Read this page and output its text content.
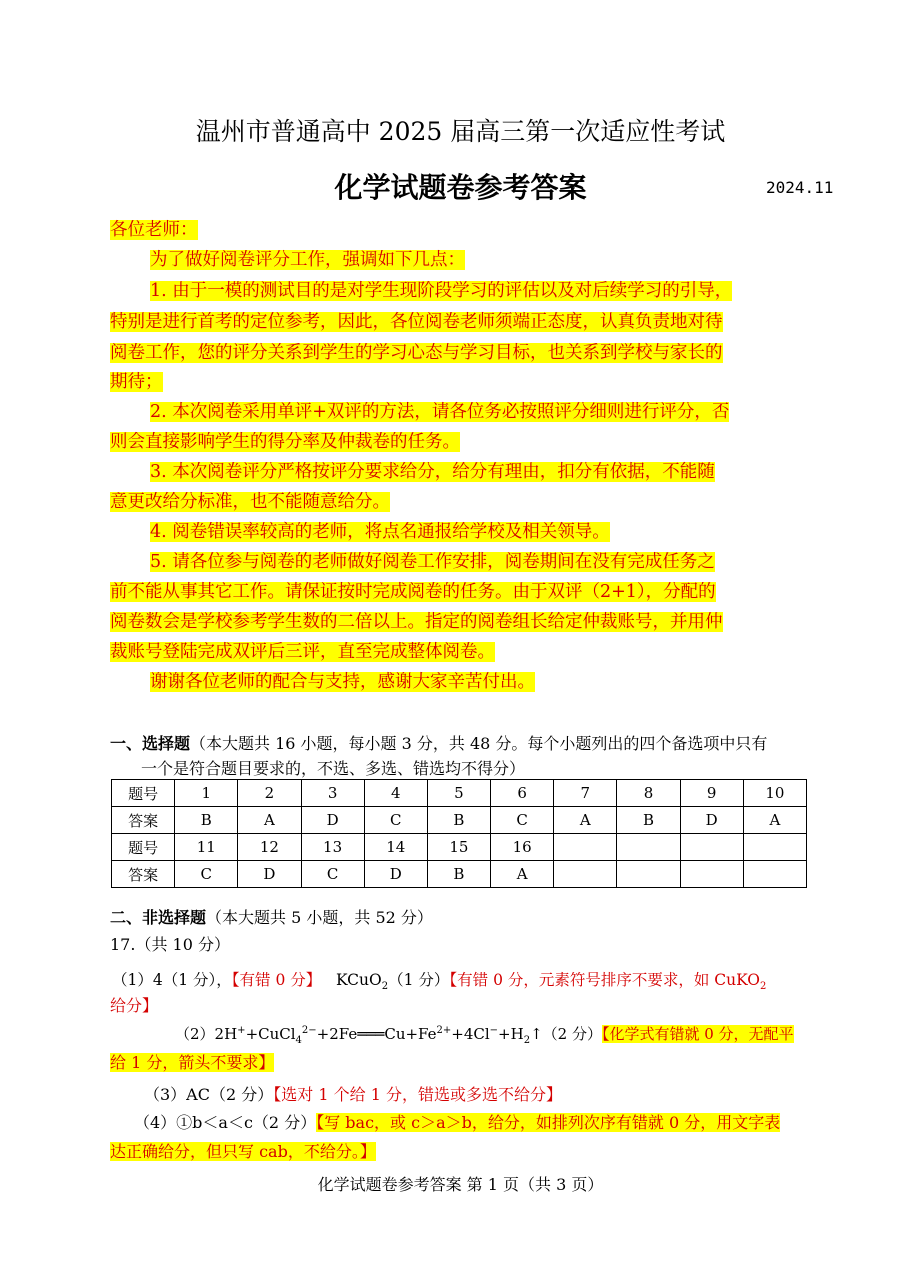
温州市普通高中 2025 届高三第一次适应性考试
化学试题卷参考答案	2024.11
各位老师：
为了做好阅卷评分工作，强调如下几点：
1. 由于一模的测试目的是对学生现阶段学习的评估以及对后续学习的引导，
特别是进行首考的定位参考，因此，各位阅卷老师须端正态度，认真负责地对待
阅卷工作，您的评分关系到学生的学习心态与学习目标，也关系到学校与家长的
期待；
2. 本次阅卷采用单评+双评的方法，请各位务必按照评分细则进行评分，否
则会直接影响学生的得分率及仲裁卷的任务。
3. 本次阅卷评分严格按评分要求给分，给分有理由，扣分有依据，不能随
意更改给分标准，也不能随意给分。
4. 阅卷错误率较高的老师，将点名通报给学校及相关领导。
5. 请各位参与阅卷的老师做好阅卷工作安排，阅卷期间在没有完成任务之
前不能从事其它工作。请保证按时完成阅卷的任务。由于双评（2+1），分配的
阅卷数会是学校参考学生数的二倍以上。指定的阅卷组长给定仲裁账号，并用仲
裁账号登陆完成双评后三评，直至完成整体阅卷。
谢谢各位老师的配合与支持，感谢大家辛苦付出。
一、选择题（本大题共 16 小题，每小题 3 分，共 48 分。每个小题列出的四个备选项中只有
一个是符合题目要求的，不选、多选、错选均不得分）
题号	1	2	3	4	5	6	7	8	9	10
答案	B	A	D	C	B	C	A	B	D	A
题号	11	12	13	14	15	16				
答案	C	D	C	D	B	A				
二、非选择题（本大题共 5 小题，共 52 分）
17.（共 10 分）
（1）4（1 分），【有错 0 分】 KCuO$_2$（1 分）【有错 0 分，元素符号排序不要求，如 CuKO$_2$
给分】
$(2)2H^++CuCl_4^{2-}+2Fe═══Cu+Fe^{2+}+4Cl^-+H_2↑(2$ 分）【化学式有错就 0 分，无配平
给 1 分，箭头不要求】
（3）AC（2 分）【选对 1 个给 1 分，错选或多选不给分】
（4）①b＜a＜c（2 分）【写 bac，或 c＞a＞b，给分，如排列次序有错就 0 分，用文字表
达正确给分，但只写 cab，不给分。】
化学试题卷参考答案 第 1 页（共 3 页）
